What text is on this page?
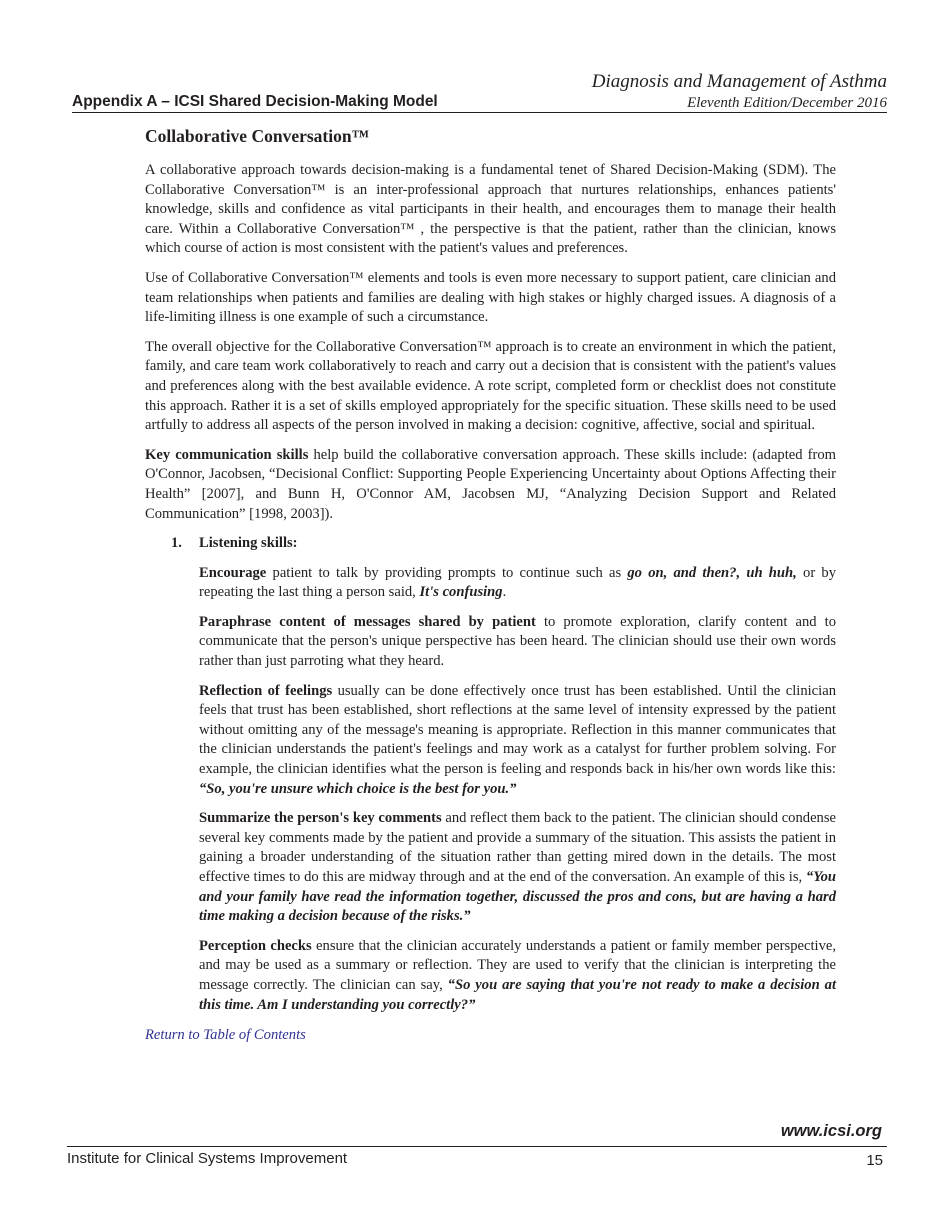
Appendix A – ICSI Shared Decision-Making Model
Diagnosis and Management of Asthma
Eleventh Edition/December 2016
Collaborative Conversation™

A collaborative approach towards decision-making is a fundamental tenet of Shared Decision-Making (SDM). The Collaborative Conversation™ is an inter-professional approach that nurtures relationships, enhances patients' knowledge, skills and confidence as vital participants in their health, and encourages them to manage their health care. Within a Collaborative Conversation™ , the perspective is that the patient, rather than the clinician, knows which course of action is most consistent with the patient's values and preferences.

Use of Collaborative Conversation™ elements and tools is even more necessary to support patient, care clinician and team relationships when patients and families are dealing with high stakes or highly charged issues. A diagnosis of a life-limiting illness is one example of such a circumstance.

The overall objective for the Collaborative Conversation™ approach is to create an environment in which the patient, family, and care team work collaboratively to reach and carry out a decision that is consistent with the patient's values and preferences along with the best available evidence. A rote script, completed form or checklist does not constitute this approach. Rather it is a set of skills employed appropriately for the specific situation. These skills need to be used artfully to address all aspects of the person involved in making a decision: cognitive, affective, social and spiritual.

Key communication skills help build the collaborative conversation approach. These skills include: (adapted from O'Connor, Jacobsen, “Decisional Conflict: Supporting People Experiencing Uncertainty about Options Affecting their Health” [2007], and Bunn H, O'Connor AM, Jacobsen MJ, “Analyzing Decision Support and Related Communication” [1998, 2003]).

1. Listening skills:

Encourage patient to talk by providing prompts to continue such as go on, and then?, uh huh, or by repeating the last thing a person said, It's confusing.

Paraphrase content of messages shared by patient to promote exploration, clarify content and to communicate that the person's unique perspective has been heard. The clinician should use their own words rather than just parroting what they heard.

Reflection of feelings usually can be done effectively once trust has been established. Until the clinician feels that trust has been established, short reflections at the same level of intensity expressed by the patient without omitting any of the message's meaning is appropriate. Reflection in this manner communicates that the clinician understands the patient's feelings and may work as a catalyst for further problem solving. For example, the clinician identifies what the person is feeling and responds back in his/her own words like this: “So, you're unsure which choice is the best for you.”

Summarize the person's key comments and reflect them back to the patient. The clinician should condense several key comments made by the patient and provide a summary of the situation. This assists the patient in gaining a broader understanding of the situation rather than getting mired down in the details. The most effective times to do this are midway through and at the end of the conversation. An example of this is, “You and your family have read the information together, discussed the pros and cons, but are having a hard time making a decision because of the risks.”

Perception checks ensure that the clinician accurately understands a patient or family member perspective, and may be used as a summary or reflection. They are used to verify that the clinician is interpreting the message correctly. The clinician can say, “So you are saying that you're not ready to make a decision at this time. Am I understanding you correctly?”

Return to Table of Contents
www.icsi.org
Institute for Clinical Systems Improvement	15
